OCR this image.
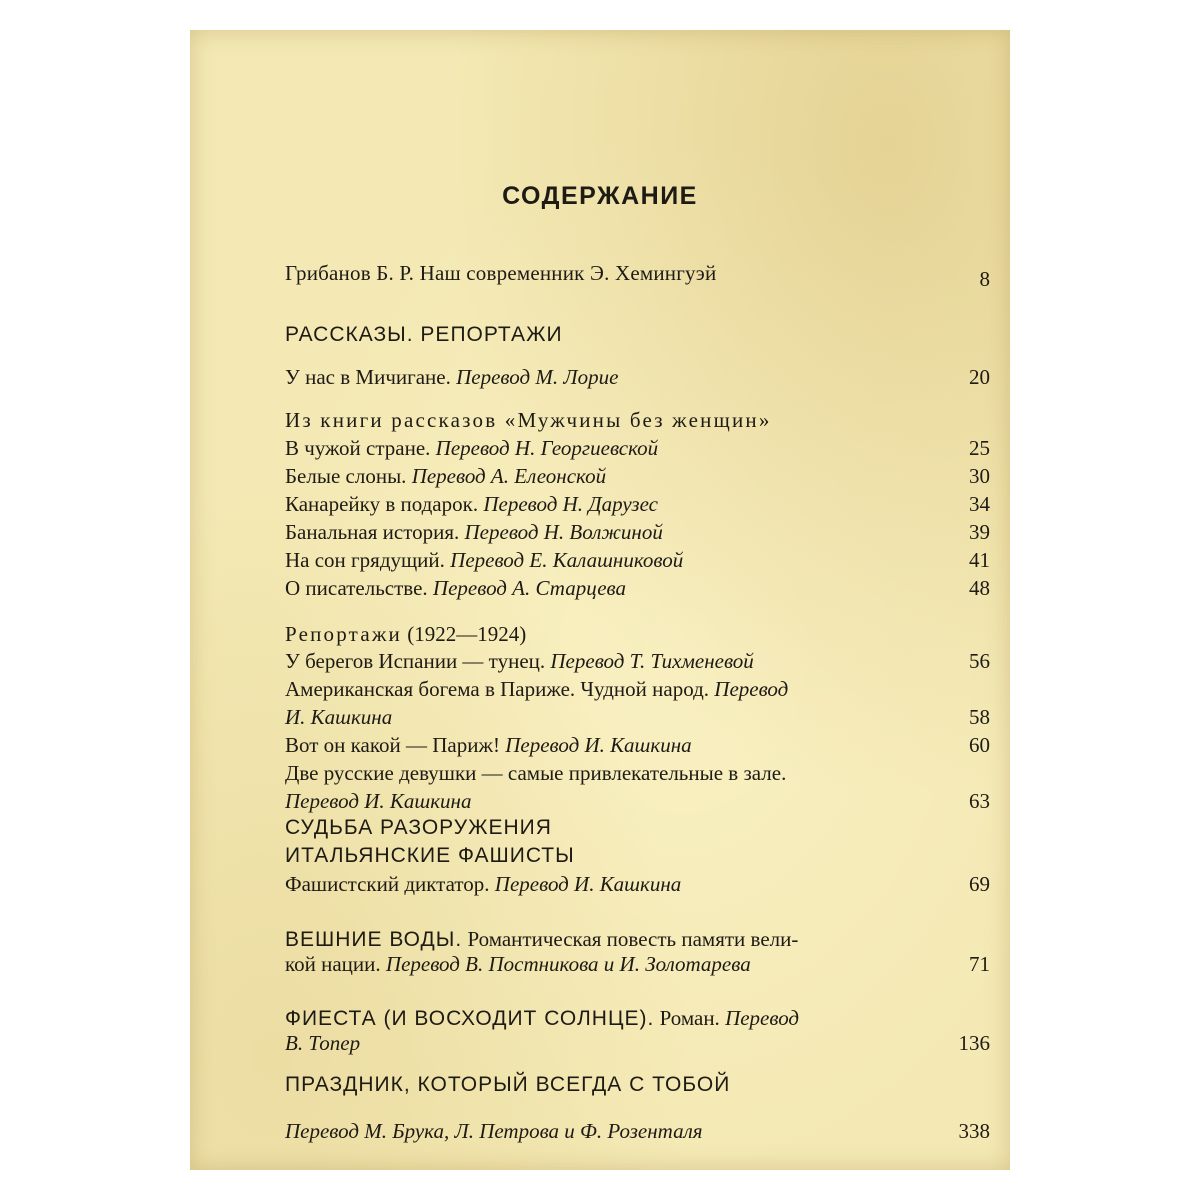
СОДЕРЖАНИЕ
Грибанов Б. Р. Наш современник Э. Хемингуэй	8
РАССКАЗЫ. РЕПОРТАЖИ
У нас в Мичигане. Перевод М. Лорие	20
Из книги рассказов «Мужчины без женщин»
В чужой стране. Перевод Н. Георгиевской	25
Белые слоны. Перевод А. Елеонской	30
Канарейку в подарок. Перевод Н. Дарузес	34
Банальная история. Перевод Н. Волжиной	39
На сон грядущий. Перевод Е. Калашниковой	41
О писательстве. Перевод А. Старцева	48
Репортажи (1922—1924)
У берегов Испании — тунец. Перевод Т. Тихменевой	56
Американская богема в Париже. Чудной народ. Перевод
И. Кашкина	58
Вот он какой — Париж! Перевод И. Кашкина	60
Две русские девушки — самые привлекательные в зале.
Перевод И. Кашкина	63
СУДЬБА РАЗОРУЖЕНИЯ
ИТАЛЬЯНСКИЕ ФАШИСТЫ
Фашистский диктатор. Перевод И. Кашкина	69
ВЕШНИЕ ВОДЫ. Романтическая повесть памяти вели-
кой нации. Перевод В. Постникова и И. Золотарева	71
ФИЕСТА (И ВОСХОДИТ СОЛНЦЕ). Роман. Перевод
В. Топер	136
ПРАЗДНИК, КОТОРЫЙ ВСЕГДА С ТОБОЙ
Перевод М. Брука, Л. Петрова и Ф. Розенталя	338
